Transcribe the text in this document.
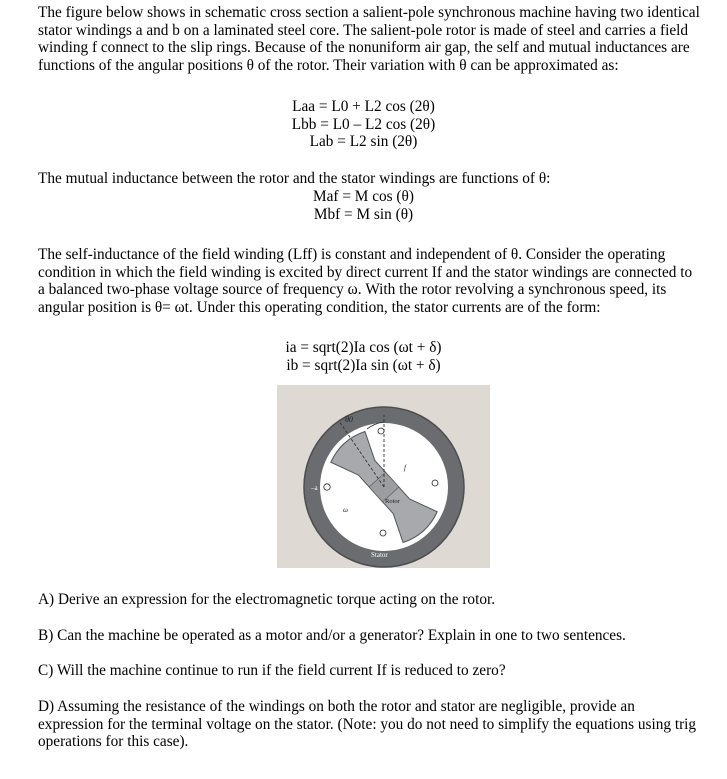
The figure below shows in schematic cross section a salient-pole synchronous machine having two identical stator windings a and b on a laminated steel core. The salient-pole rotor is made of steel and carries a field winding f connect to the slip rings. Because of the nonuniform air gap, the self and mutual inductances are functions of the angular positions θ of the rotor. Their variation with θ can be approximated as:
Laa = L0 + L2 cos (2θ)
Lbb = L0 – L2 cos (2θ)
Lab = L2 sin (2θ)
The mutual inductance between the rotor and the stator windings are functions of θ:
Maf = M cos (θ)
Mbf = M sin (θ)
The self-inductance of the field winding (Lff) is constant and independent of θ. Consider the operating condition in which the field winding is excited by direct current If and the stator windings are connected to a balanced two-phase voltage source of frequency ω. With the rotor revolving a synchronous speed, its angular position is θ= ωt. Under this operating condition, the stator currents are of the form:
ia = sqrt(2)Ia cos (ωt + δ)
ib = sqrt(2)Ia sin (ωt + δ)
θ0
b
f
–a	a
Rotor
ω
–b
Stator
A) Derive an expression for the electromagnetic torque acting on the rotor.
B) Can the machine be operated as a motor and/or a generator? Explain in one to two sentences.
C) Will the machine continue to run if the field current If is reduced to zero?
D) Assuming the resistance of the windings on both the rotor and stator are negligible, provide an expression for the terminal voltage on the stator. (Note: you do not need to simplify the equations using trig operations for this case).
